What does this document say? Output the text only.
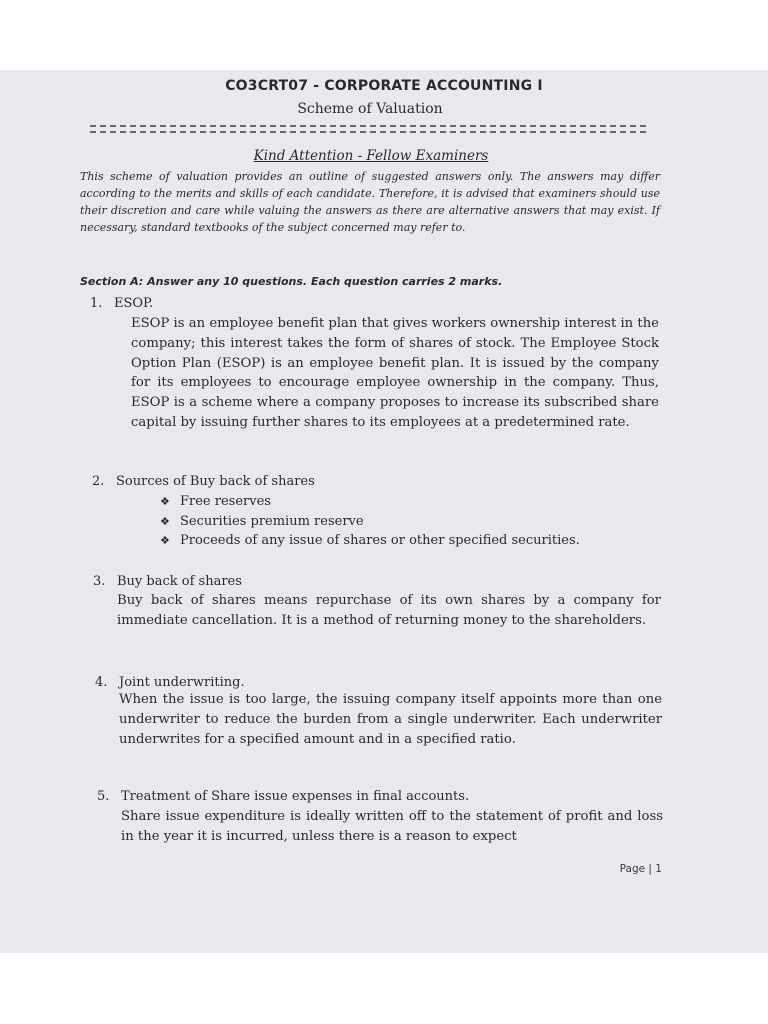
CO3CRT07 - CORPORATE ACCOUNTING I
Scheme of Valuation
Kind Attention - Fellow Examiners
This scheme of valuation provides an outline of suggested answers only. The answers may differ according to the merits and skills of each candidate. Therefore, it is advised that examiners should use their discretion and care while valuing the answers as there are alternative answers that may exist. If necessary, standard textbooks of the subject concerned may refer to.
Section A: Answer any 10 questions. Each question carries 2 marks.
1. ESOP.
ESOP is an employee benefit plan that gives workers ownership interest in the company; this interest takes the form of shares of stock. The Employee Stock Option Plan (ESOP) is an employee benefit plan. It is issued by the company for its employees to encourage employee ownership in the company. Thus, ESOP is a scheme where a company proposes to increase its subscribed share capital by issuing further shares to its employees at a predetermined rate.
2. Sources of Buy back of shares
❖ Free reserves
❖ Securities premium reserve
❖ Proceeds of any issue of shares or other specified securities.
3. Buy back of shares
Buy back of shares means repurchase of its own shares by a company for immediate cancellation. It is a method of returning money to the shareholders.
4. Joint underwriting.
When the issue is too large, the issuing company itself appoints more than one underwriter to reduce the burden from a single underwriter. Each underwriter underwrites for a specified amount and in a specified ratio.
5. Treatment of Share issue expenses in final accounts.
Share issue expenditure is ideally written off to the statement of profit and loss in the year it is incurred, unless there is a reason to expect
Page | 1
